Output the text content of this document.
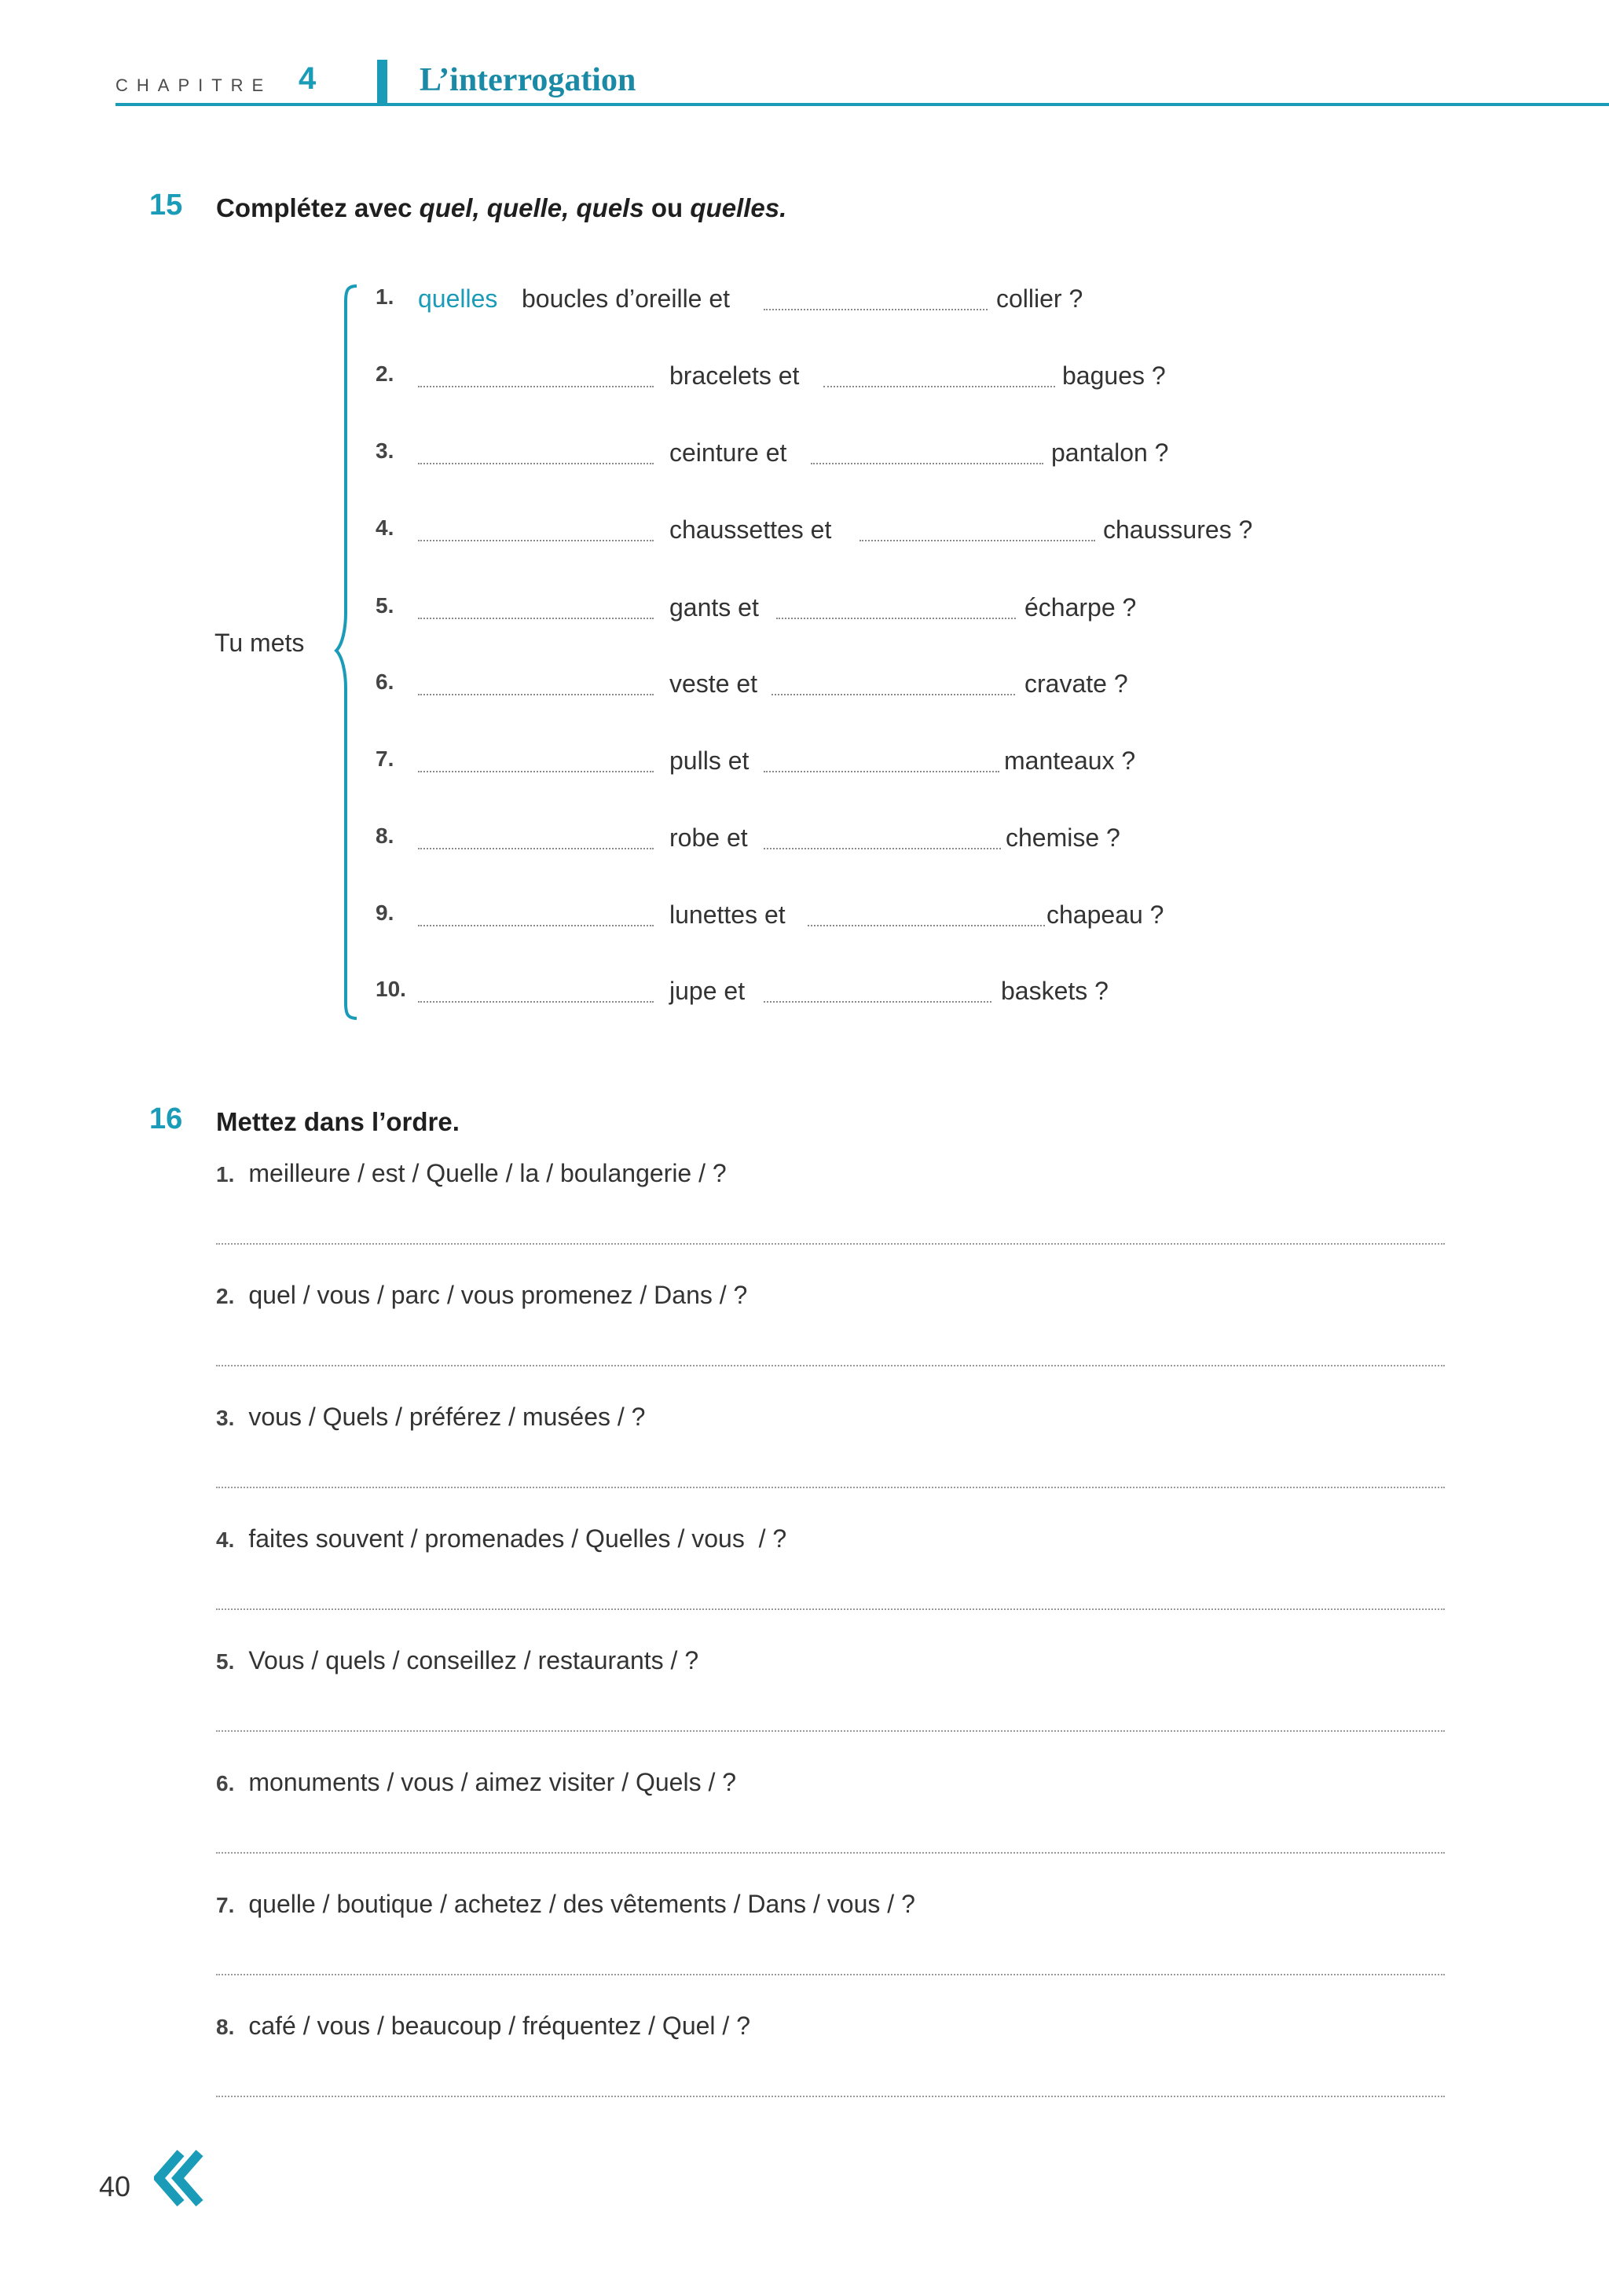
CHAPITRE 4	L’interrogation
15 Complétez avec quel, quelle, quels ou quelles.
Tu mets
1. quelles boucles d’oreille et	collier ?
2.	bracelets et	bagues ?
3.	ceinture et	pantalon ?
4.	chaussettes et	chaussures ?
5.	gants et	écharpe ?
6.	veste et	cravate ?
7.	pulls et	manteaux ?
8.	robe et	chemise ?
9.	lunettes et	chapeau ?
10.	jupe et	baskets ?
16 Mettez dans l’ordre.
1. meilleure / est / Quelle / la / boulangerie / ?
2. quel / vous / parc / vous promenez / Dans / ?
3. vous / Quels / préférez / musées / ?
4. faites souvent / promenades / Quelles / vous  / ?
5. Vous / quels / conseillez / restaurants / ?
6. monuments / vous / aimez visiter / Quels / ?
7. quelle / boutique / achetez / des vêtements / Dans / vous / ?
8. café / vous / beaucoup / fréquentez / Quel / ?
40
